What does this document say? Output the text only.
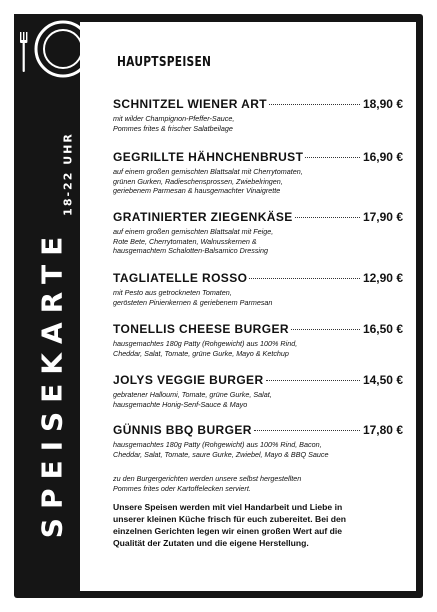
SPEISEKARTE
18-22 UHR
HAUPTSPEISEN
SCHNITZEL WIENER ART	18,90 €
mit wilder Champignon-Pfeffer-Sauce,
Pommes frites & frischer Salatbeilage
GEGRILLTE HÄHNCHENBRUST	16,90 €
auf einem großen gemischten Blattsalat mit Cherrytomaten,
grünen Gurken, Radieschensprossen, Zwiebelringen,
geriebenem Parmesan & hausgemachter Vinaigrette
GRATINIERTER ZIEGENKÄSE	17,90 €
auf einem großen gemischten Blattsalat mit Feige,
Rote Bete, Cherrytomaten, Walnusskernen &
hausgemachtem Schalotten-Balsamico Dressing
TAGLIATELLE ROSSO	12,90 €
mit Pesto aus getrockneten Tomaten,
gerösteten Pinienkernen & geriebenem Parmesan
TONELLIS CHEESE BURGER	16,50 €
hausgemachtes 180g Patty (Rohgewicht) aus 100% Rind,
Cheddar, Salat, Tomate, grüne Gurke, Mayo & Ketchup
JOLYS VEGGIE BURGER	14,50 €
gebratener Halloumi, Tomate, grüne Gurke, Salat,
hausgemachte Honig-Senf-Sauce & Mayo
GÜNNIS BBQ BURGER	17,80 €
hausgemachtes 180g Patty (Rohgewicht) aus 100% Rind, Bacon,
Cheddar, Salat, Tomate, saure Gurke, Zwiebel, Mayo & BBQ Sauce
zu den Burgergerichten werden unsere selbst hergestellten
Pommes frites oder Kartoffelecken serviert.
Unsere Speisen werden mit viel Handarbeit und Liebe in
unserer kleinen Küche frisch für euch zubereitet. Bei den
einzelnen Gerichten legen wir einen großen Wert auf die
Qualität der Zutaten und die eigene Herstellung.
